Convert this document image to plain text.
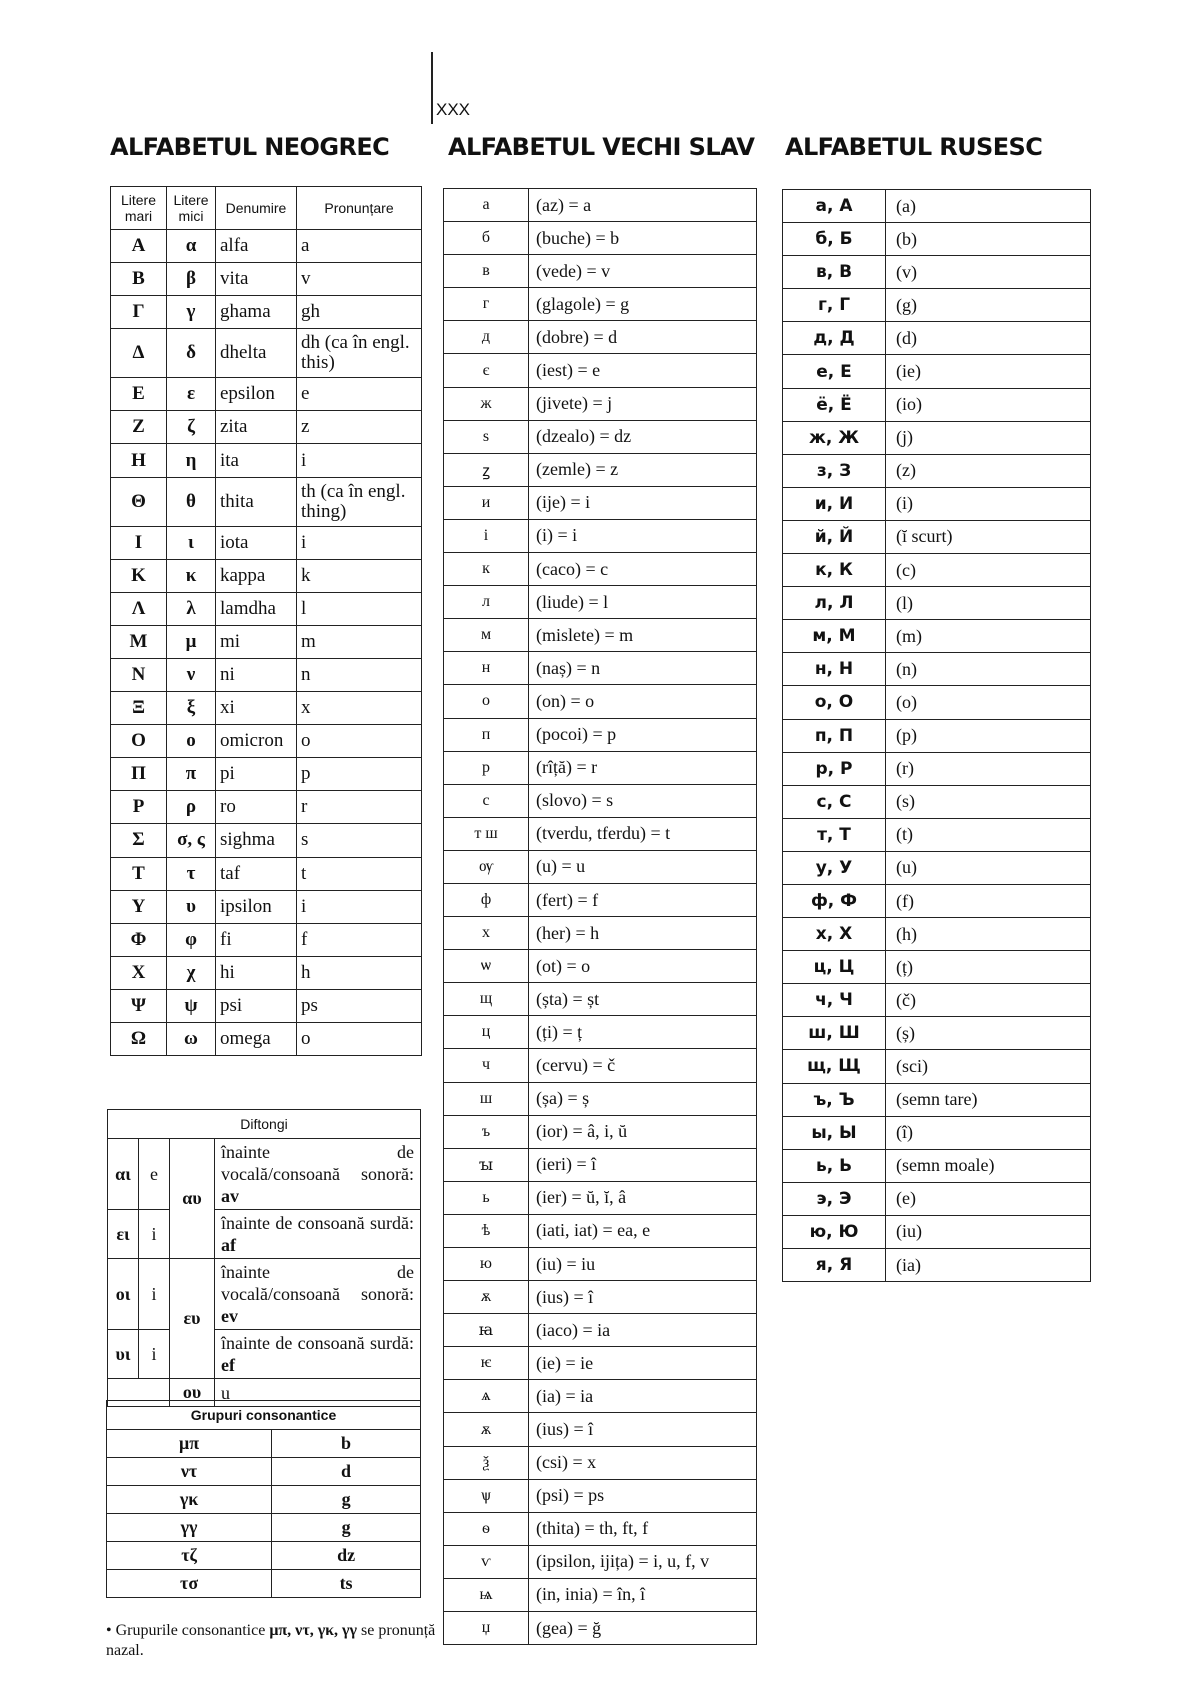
XXX
ALFABETUL NEOGREC ALFABETUL VECHI SLAV ALFABETUL RUSESC
Litere mari	Litere mici	Denumire	Pronunțare
Α	α	alfa	a
Β	β	vita	v
Γ	γ	ghama	gh
Δ	δ	dhelta	dh (ca în engl. this)
Ε	ε	epsilon	e
Ζ	ζ	zita	z
Η	η	ita	i
Θ	θ	thita	th (ca în engl. thing)
Ι	ι	iota	i
Κ	κ	kappa	k
Λ	λ	lamdha	l
Μ	μ	mi	m
Ν	ν	ni	n
Ξ	ξ	xi	x
Ο	ο	omicron	o
Π	π	pi	p
Ρ	ρ	ro	r
Σ	σ, ς	sighma	s
Τ	τ	taf	t
Υ	υ	ipsilon	i
Φ	φ	fi	f
Χ	χ	hi	h
Ψ	ψ	psi	ps
Ω	ω	omega	o
Diftongi			
αι	e	αυ	înainte de vocală/consoană sonoră: av
ει	i		înainte de consoană surdă: af
οι	i	ευ	înainte de vocală/consoană sonoră: ev
υι	i		înainte de consoană surdă: ef
		ου	u
Grupuri consonantice	
μπ	b
ντ	d
γκ	g
γγ	g
τζ	dz
τσ	ts
• Grupurile consonantice μπ, ντ, γκ, γγ se pronunță nazal.
а	(az) = a
б	(buche) = b
в	(vede) = v
г	(glagole) = g
д	(dobre) = d
є	(iest) = e
ж	(jivete) = j
ѕ	(dzealo) = dz
ꙁ	(zemle) = z
и	(ije) = i
і	(i) = i
к	(caco) = c
л	(liude) = l
м	(mislete) = m
н	(naș) = n
о	(on) = o
п	(pocoi) = p
р	(rîță) = r
с	(slovo) = s
т ш	(tverdu, tferdu) = t
ѹ	(u) = u
ф	(fert) = f
х	(her) = h
ѡ	(ot) = o
щ	(șta) = șt
ц	(ți) = ț
ч	(cervu) = č
ш	(șa) = ș
ъ	(ior) = â, i, ŭ
ꙑ	(ieri) = î
ь	(ier) = ŭ, ĭ, â
ѣ	(iati, iat) = ea, e
ю	(iu) = iu
ѫ	(ius) = î
ꙗ	(iaco) = ia
ѥ	(ie) = ie
ѧ	(ia) = ia
ѫ	(ius) = î
ѯ	(csi) = x
ѱ	(psi) = ps
ѳ	(thita) = th, ft, f
ѵ	(ipsilon, ijița) = i, u, f, v
ѩ	(in, inia) = în, î
џ	(gea) = ğ
а, А	(a)
б, Б	(b)
в, В	(v)
г, Г	(g)
д, Д	(d)
е, Е	(ie)
ё, Ё	(io)
ж, Ж	(j)
з, З	(z)
и, И	(i)
й, Й	(ĭ scurt)
к, К	(c)
л, Л	(l)
м, М	(m)
н, Н	(n)
о, О	(o)
п, П	(p)
р, Р	(r)
с, С	(s)
т, Т	(t)
у, У	(u)
ф, Ф	(f)
х, Х	(h)
ц, Ц	(ț)
ч, Ч	(č)
ш, Ш	(ș)
щ, Щ	(sci)
ъ, Ъ	(semn tare)
ы, Ы	(î)
ь, Ь	(semn moale)
э, Э	(e)
ю, Ю	(iu)
я, Я	(ia)
